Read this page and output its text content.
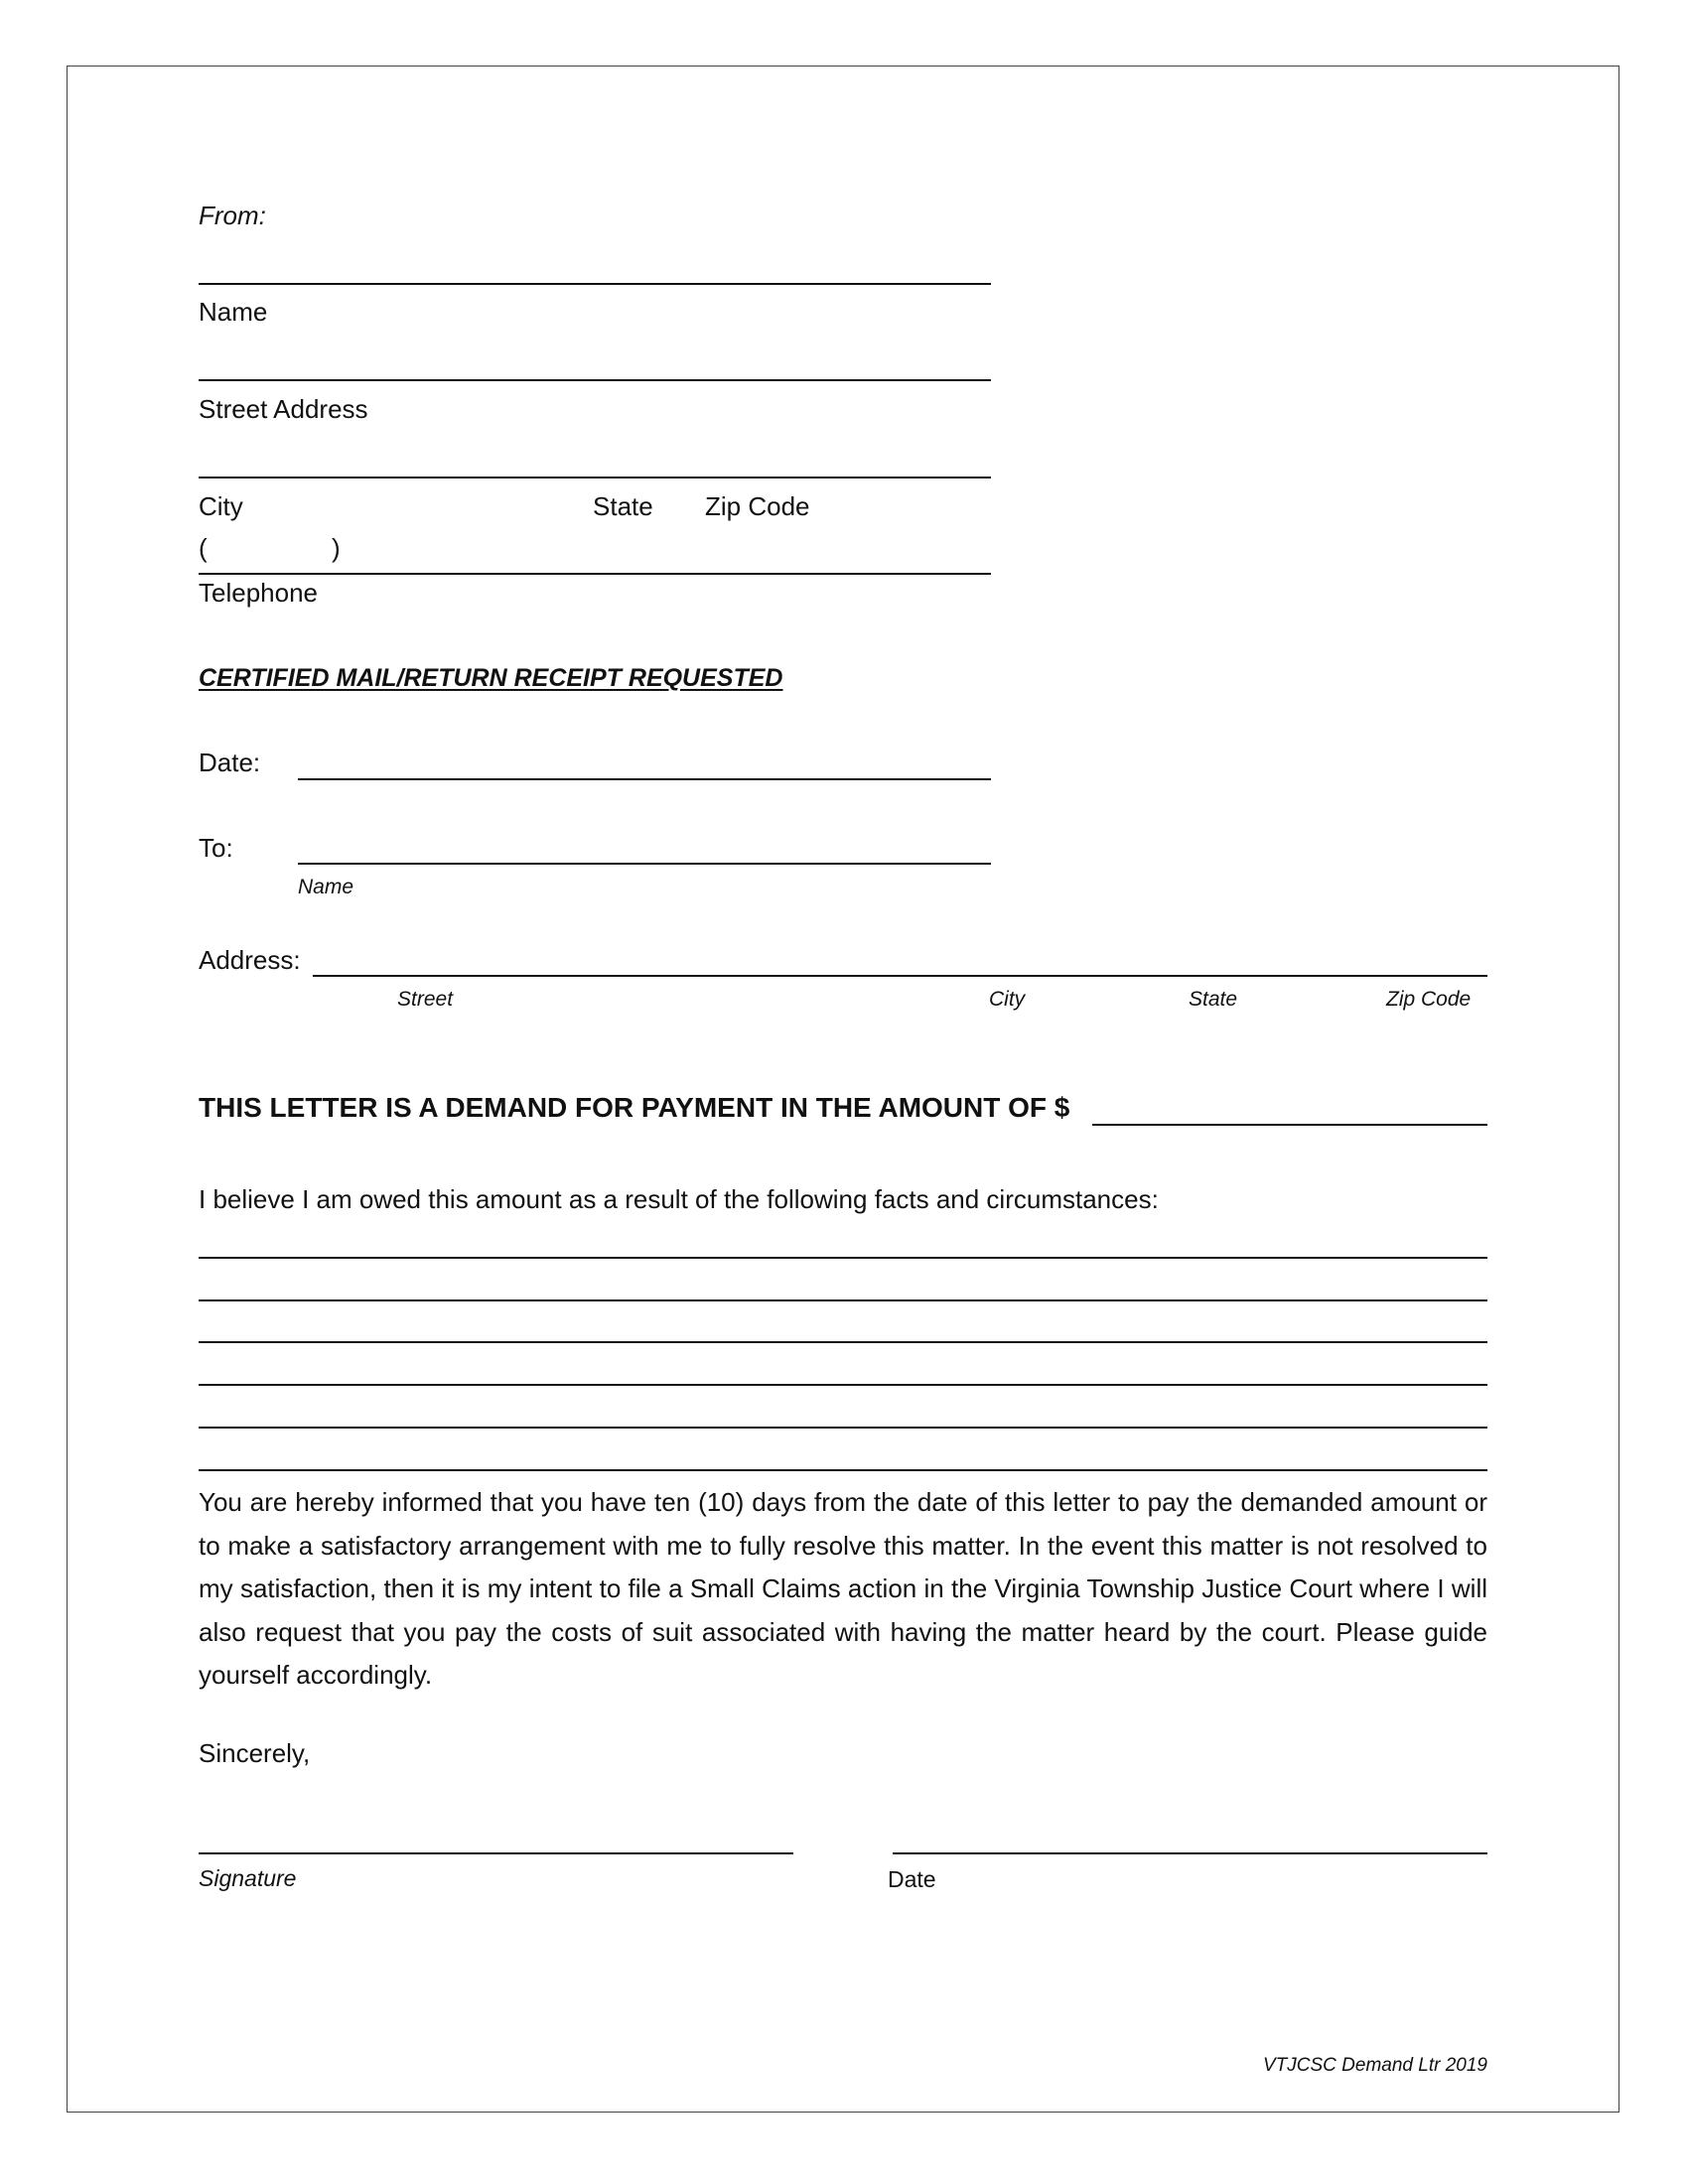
From:
Name
Street Address
City	State Zip Code
(	)
Telephone
CERTIFIED MAIL/RETURN RECEIPT REQUESTED
Date:
To:
Name
Address:
Street	City	State	Zip Code
THIS LETTER IS A DEMAND FOR PAYMENT IN THE AMOUNT OF $
I believe I am owed this amount as a result of the following facts and circumstances:
You are hereby informed that you have ten (10) days from the date of this letter to pay the demanded amount or to make a satisfactory arrangement with me to fully resolve this matter. In the event this matter is not resolved to my satisfaction, then it is my intent to file a Small Claims action in the Virginia Township Justice Court where I will also request that you pay the costs of suit associated with having the matter heard by the court. Please guide yourself accordingly.
Sincerely,
Signature	Date
VTJCSC Demand Ltr 2019
